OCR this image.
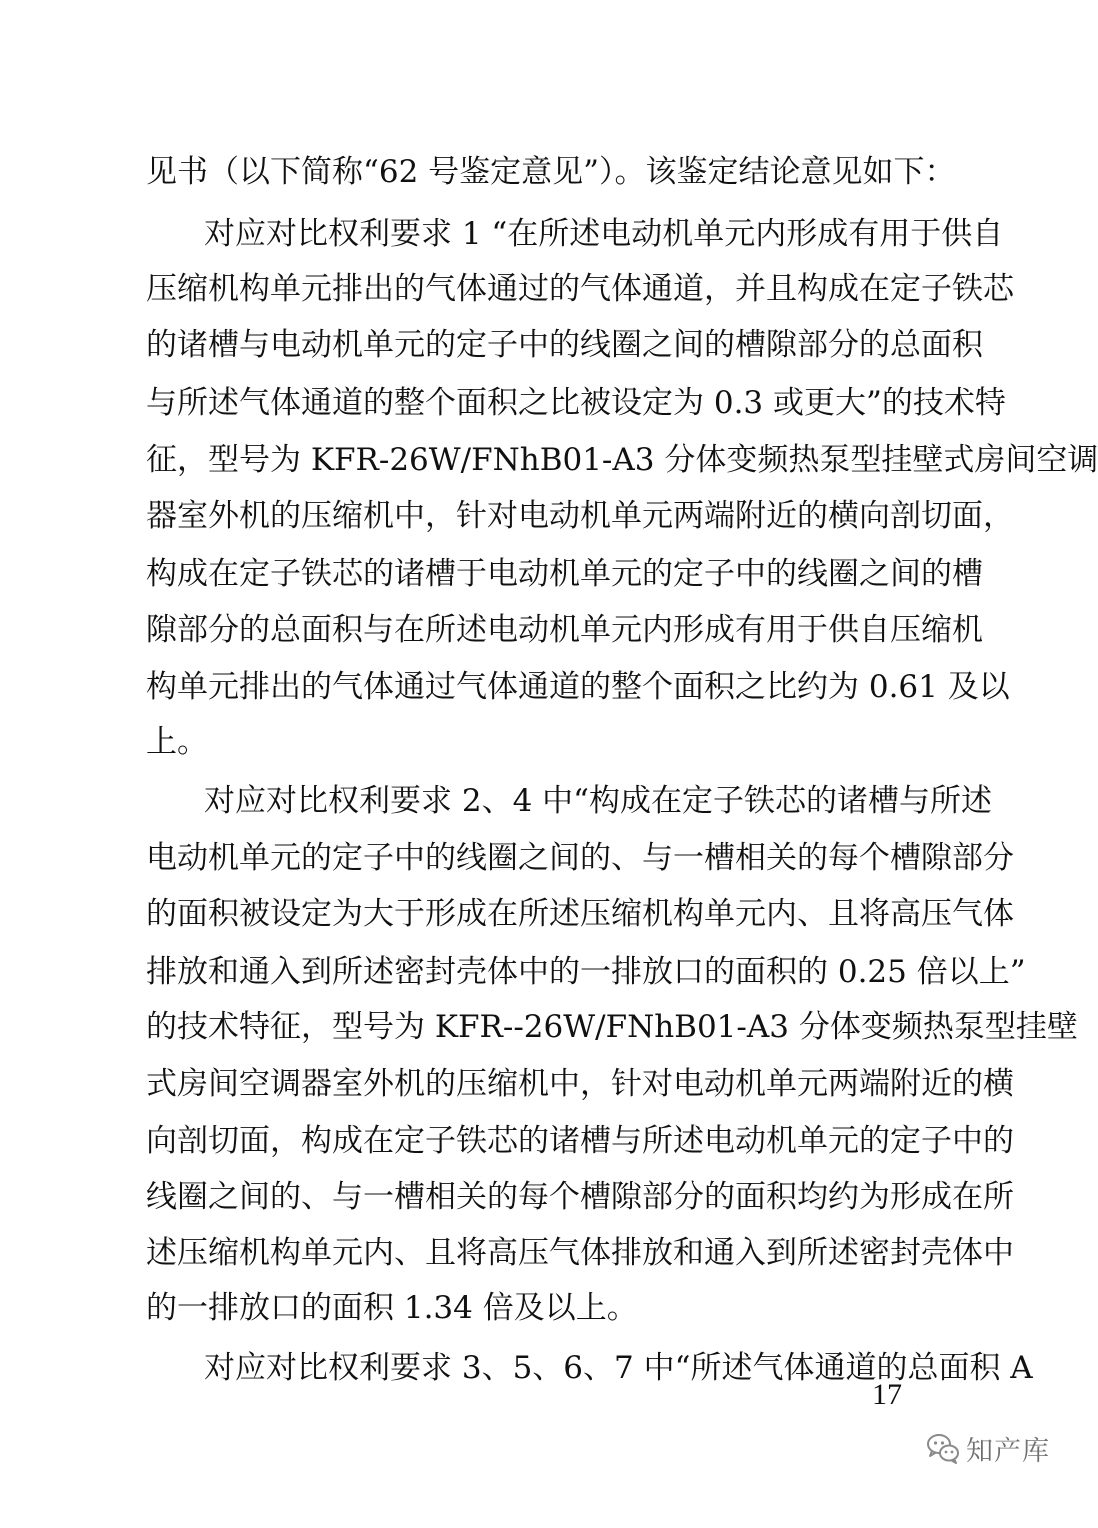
见书（以下简称“62 号鉴定意见”）。该鉴定结论意见如下：
对应对比权利要求 1 “在所述电动机单元内形成有用于供自
压缩机构单元排出的气体通过的气体通道，并且构成在定子铁芯
的诸槽与电动机单元的定子中的线圈之间的槽隙部分的总面积
与所述气体通道的整个面积之比被设定为 0.3 或更大”的技术特
征，型号为 KFR-26W/FNhB01-A3 分体变频热泵型挂壁式房间空调
器室外机的压缩机中，针对电动机单元两端附近的横向剖切面，
构成在定子铁芯的诸槽于电动机单元的定子中的线圈之间的槽
隙部分的总面积与在所述电动机单元内形成有用于供自压缩机
构单元排出的气体通过气体通道的整个面积之比约为 0.61 及以
上。
对应对比权利要求 2、4 中“构成在定子铁芯的诸槽与所述
电动机单元的定子中的线圈之间的、与一槽相关的每个槽隙部分
的面积被设定为大于形成在所述压缩机构单元内、且将高压气体
排放和通入到所述密封壳体中的一排放口的面积的 0.25 倍以上”
的技术特征，型号为 KFR--26W/FNhB01-A3 分体变频热泵型挂壁
式房间空调器室外机的压缩机中，针对电动机单元两端附近的横
向剖切面，构成在定子铁芯的诸槽与所述电动机单元的定子中的
线圈之间的、与一槽相关的每个槽隙部分的面积均约为形成在所
述压缩机构单元内、且将高压气体排放和通入到所述密封壳体中
的一排放口的面积 1.34 倍及以上。
对应对比权利要求 3、5、6、7 中“所述气体通道的总面积 A
17
知产库
